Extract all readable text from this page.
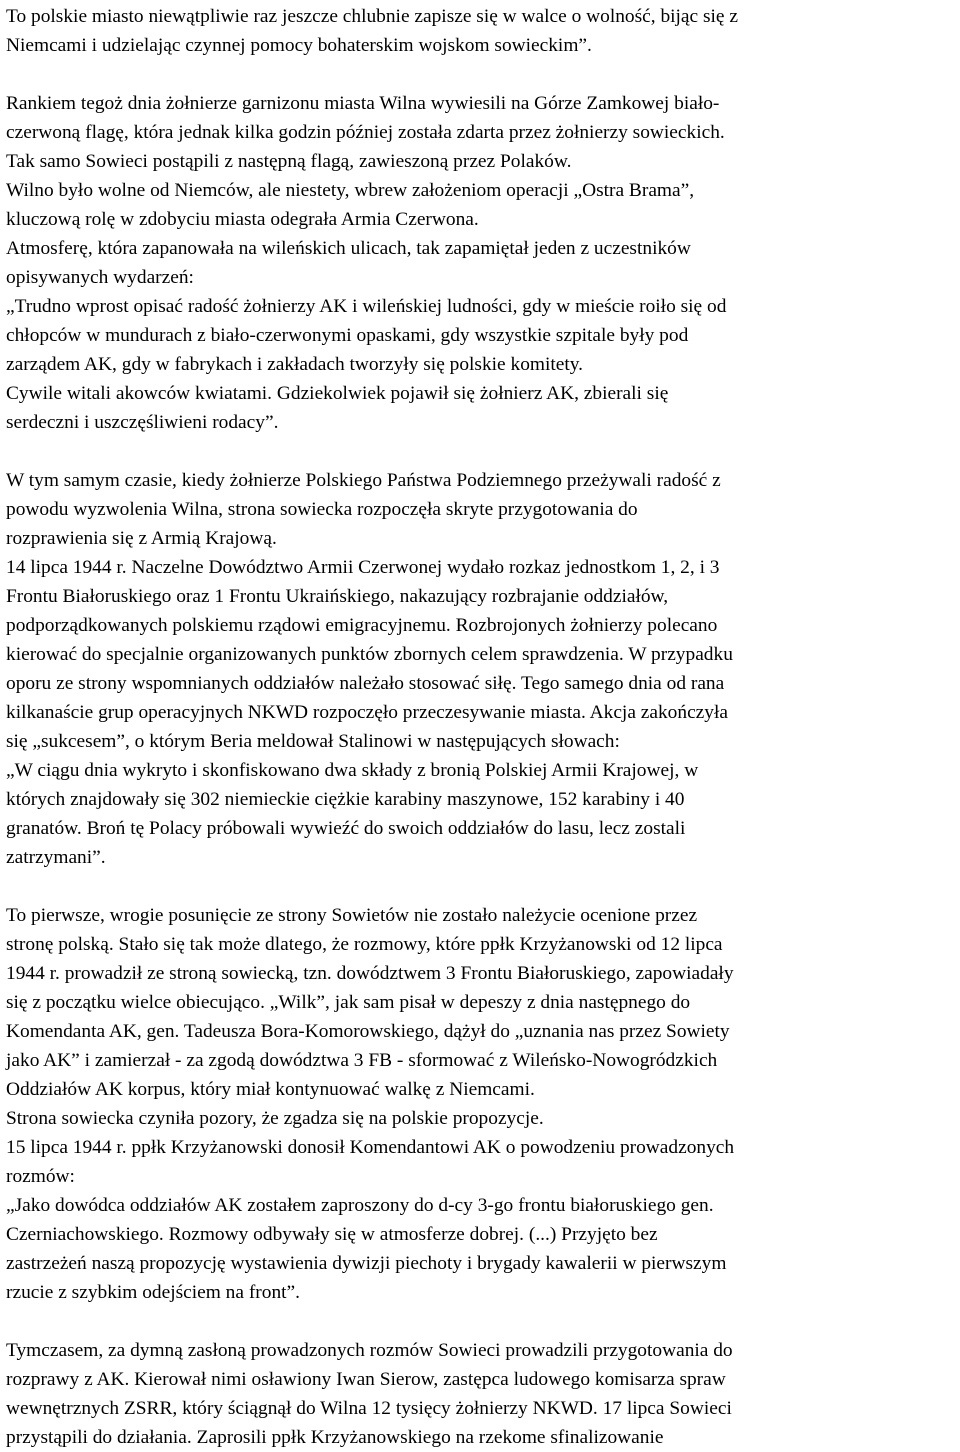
To polskie miasto niewątpliwie raz jeszcze chlubnie zapisze się w walce o wolność, bijąc się z
Niemcami i udzielając czynnej pomocy bohaterskim wojskom sowieckim”.
Rankiem tegoż dnia żołnierze garnizonu miasta Wilna wywiesili na Górze Zamkowej biało-
czerwoną flagę, która jednak kilka godzin później została zdarta przez żołnierzy sowieckich.
Tak samo Sowieci postąpili z następną flagą, zawieszoną przez Polaków.
Wilno było wolne od Niemców, ale niestety, wbrew założeniom operacji „Ostra Brama”,
kluczową rolę w zdobyciu miasta odegrała Armia Czerwona.
Atmosferę, która zapanowała na wileńskich ulicach, tak zapamiętał jeden z uczestników
opisywanych wydarzeń:
„Trudno wprost opisać radość żołnierzy AK i wileńskiej ludności, gdy w mieście roiło się od
chłopców w mundurach z biało-czerwonymi opaskami, gdy wszystkie szpitale były pod
zarządem AK, gdy w fabrykach i zakładach tworzyły się polskie komitety.
Cywile witali akowców kwiatami. Gdziekolwiek pojawił się żołnierz AK, zbierali się
serdeczni i uszczęśliwieni rodacy”.
W tym samym czasie, kiedy żołnierze Polskiego Państwa Podziemnego przeżywali radość z
powodu wyzwolenia Wilna, strona sowiecka rozpoczęła skryte przygotowania do
rozprawienia się z Armią Krajową.
14 lipca 1944 r. Naczelne Dowództwo Armii Czerwonej wydało rozkaz jednostkom 1, 2, i 3
Frontu Białoruskiego oraz 1 Frontu Ukraińskiego, nakazujący rozbrajanie oddziałów,
podporządkowanych polskiemu rządowi emigracyjnemu. Rozbrojonych żołnierzy polecano
kierować do specjalnie organizowanych punktów zbornych celem sprawdzenia. W przypadku
oporu ze strony wspomnianych oddziałów należało stosować siłę. Tego samego dnia od rana
kilkanaście grup operacyjnych NKWD rozpoczęło przeczesywanie miasta. Akcja zakończyła
się „sukcesem”, o którym Beria meldował Stalinowi w następujących słowach:
„W ciągu dnia wykryto i skonfiskowano dwa składy z bronią Polskiej Armii Krajowej, w
których znajdowały się 302 niemieckie ciężkie karabiny maszynowe, 152 karabiny i 40
granatów. Broń tę Polacy próbowali wywieźć do swoich oddziałów do lasu, lecz zostali
zatrzymani”.
To pierwsze, wrogie posunięcie ze strony Sowietów nie zostało należycie ocenione przez
stronę polską. Stało się tak może dlatego, że rozmowy, które ppłk Krzyżanowski od 12 lipca
1944 r. prowadził ze stroną sowiecką, tzn. dowództwem 3 Frontu Białoruskiego, zapowiadały
się z początku wielce obiecująco. „Wilk”, jak sam pisał w depeszy z dnia następnego do
Komendanta AK, gen. Tadeusza Bora-Komorowskiego, dążył do „uznania nas przez Sowiety
jako AK” i zamierzał - za zgodą dowództwa 3 FB - sformować z Wileńsko-Nowogródzkich
Oddziałów AK korpus, który miał kontynuować walkę z Niemcami.
Strona sowiecka czyniła pozory, że zgadza się na polskie propozycje.
15 lipca 1944 r. ppłk Krzyżanowski donosił Komendantowi AK o powodzeniu prowadzonych
rozmów:
„Jako dowódca oddziałów AK zostałem zaproszony do d-cy 3-go frontu białoruskiego gen.
Czerniachowskiego. Rozmowy odbywały się w atmosferze dobrej. (...) Przyjęto bez
zastrzeżeń naszą propozycję wystawienia dywizji piechoty i brygady kawalerii w pierwszym
rzucie z szybkim odejściem na front”.
Tymczasem, za dymną zasłoną prowadzonych rozmów Sowieci prowadzili przygotowania do
rozprawy z AK. Kierował nimi osławiony Iwan Sierow, zastępca ludowego komisarza spraw
wewnętrznych ZSRR, który ściągnął do Wilna 12 tysięcy żołnierzy NKWD. 17 lipca Sowieci
przystąpili do działania. Zaprosili ppłk Krzyżanowskiego na rzekome sfinalizowanie
